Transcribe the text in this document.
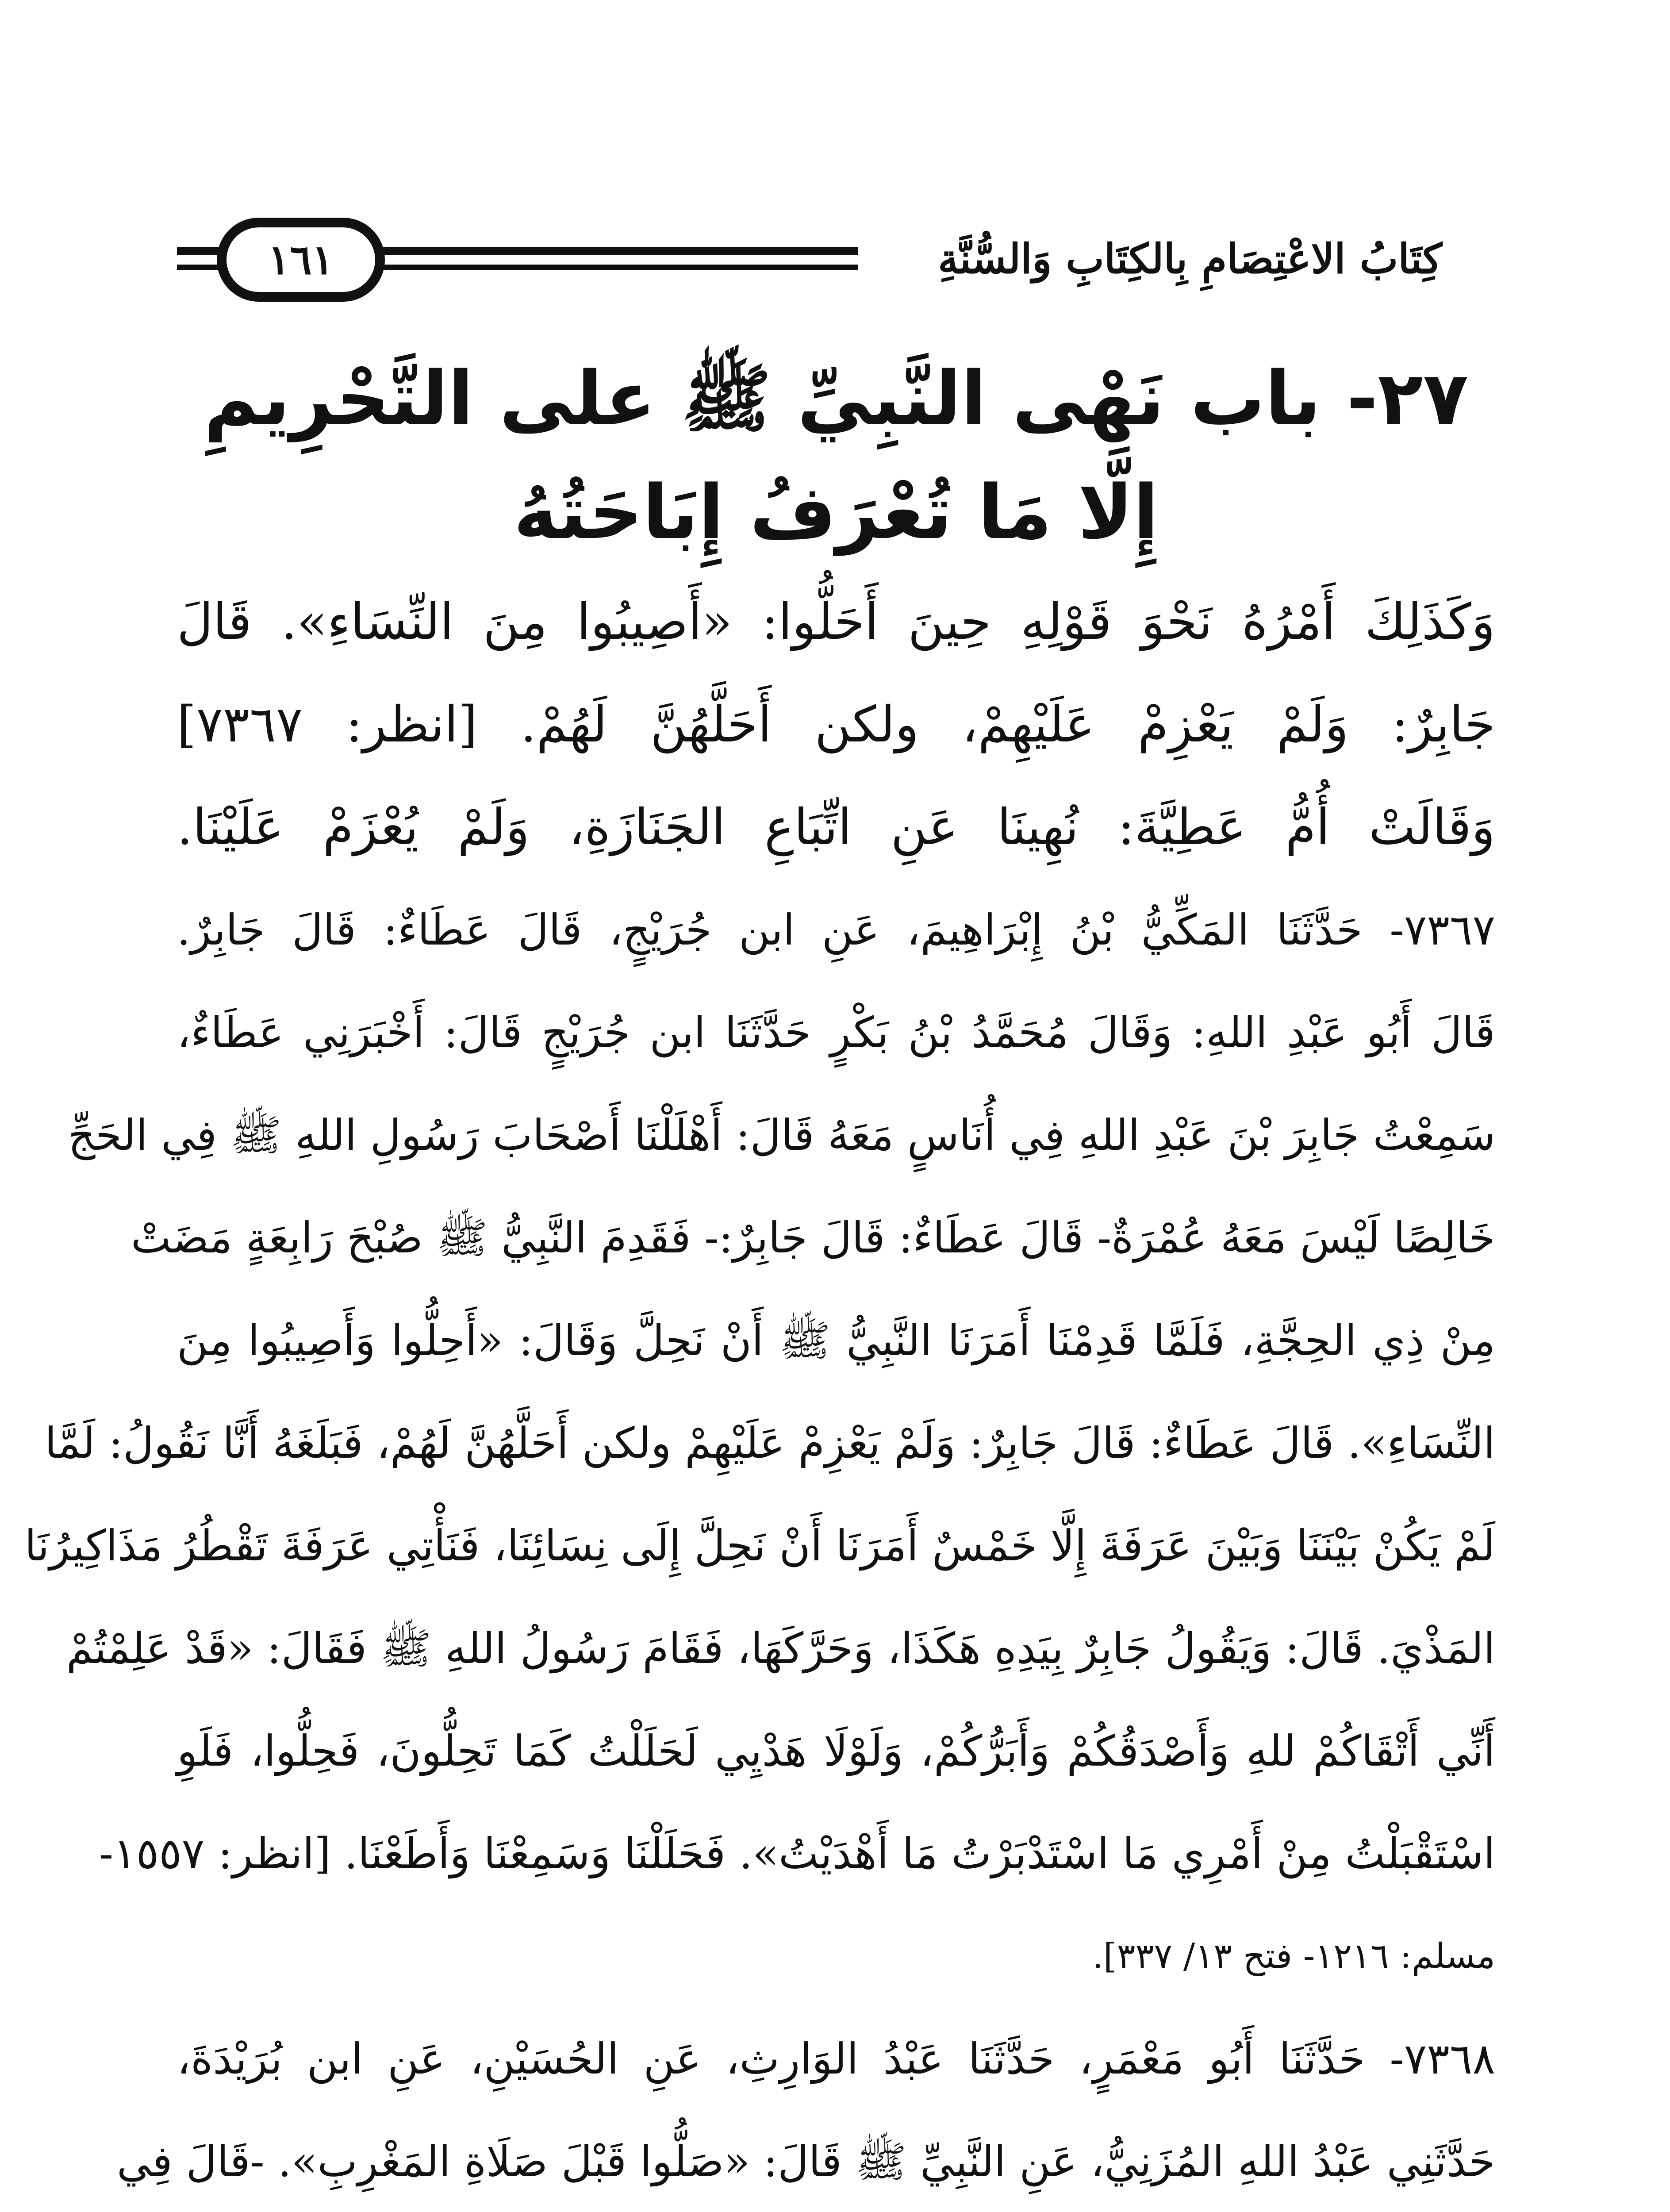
١٦١	كِتَابُ الاعْتِصَامِ بِالكِتَابِ وَالسُّنَّةِ
٢٧- باب نَهْى النَّبِيِّ ﷺ على التَّحْرِيمِ
إِلَّا مَا تُعْرَفُ إِبَاحَتُهُ
وَكَذَلِكَ أَمْرُهُ نَحْوَ قَوْلِهِ حِينَ أَحَلُّوا: «أَصِيبُوا مِنَ النِّسَاءِ». قَالَ
جَابِرٌ: وَلَمْ يَعْزِمْ عَلَيْهِمْ، ولكن أَحَلَّهُنَّ لَهُمْ. [انظر: ٧٣٦٧]
وَقَالَتْ أُمُّ عَطِيَّةَ: نُهِينَا عَنِ اتِّبَاعِ الجَنَازَةِ، وَلَمْ يُعْزَمْ عَلَيْنَا.
٧٣٦٧- حَدَّثَنَا المَكِّيُّ بْنُ إِبْرَاهِيمَ، عَنِ ابن جُرَيْجٍ، قَالَ عَطَاءٌ: قَالَ جَابِرٌ.
قَالَ أَبُو عَبْدِ اللهِ: وَقَالَ مُحَمَّدُ بْنُ بَكْرٍ حَدَّثَنَا ابن جُرَيْجٍ قَالَ: أَخْبَرَنِي عَطَاءٌ،
سَمِعْتُ جَابِرَ بْنَ عَبْدِ اللهِ فِي أُنَاسٍ مَعَهُ قَالَ: أَهْلَلْنَا أَصْحَابَ رَسُولِ اللهِ ﷺ فِي الحَجِّ
خَالِصًا لَيْسَ مَعَهُ عُمْرَةٌ- قَالَ عَطَاءٌ: قَالَ جَابِرٌ:- فَقَدِمَ النَّبِيُّ ﷺ صُبْحَ رَابِعَةٍ مَضَتْ
مِنْ ذِي الحِجَّةِ، فَلَمَّا قَدِمْنَا أَمَرَنَا النَّبِيُّ ﷺ أَنْ نَحِلَّ وَقَالَ: «أَحِلُّوا وَأَصِيبُوا مِنَ
النِّسَاءِ». قَالَ عَطَاءٌ: قَالَ جَابِرٌ: وَلَمْ يَعْزِمْ عَلَيْهِمْ ولكن أَحَلَّهُنَّ لَهُمْ، فَبَلَغَهُ أَنَّا نَقُولُ: لَمَّا
لَمْ يَكُنْ بَيْنَنَا وَبَيْنَ عَرَفَةَ إِلَّا خَمْسٌ أَمَرَنَا أَنْ نَحِلَّ إِلَى نِسَائِنَا، فَنَأْتِي عَرَفَةَ تَقْطُرُ مَذَاكِيرُنَا
المَذْيَ. قَالَ: وَيَقُولُ جَابِرٌ بِيَدِهِ هَكَذَا، وَحَرَّكَهَا، فَقَامَ رَسُولُ اللهِ ﷺ فَقَالَ: «قَدْ عَلِمْتُمْ
أَنِّي أَتْقَاكُمْ للهِ وَأَصْدَقُكُمْ وَأَبَرُّكُمْ، وَلَوْلَا هَدْيِي لَحَلَلْتُ كَمَا تَحِلُّونَ، فَحِلُّوا، فَلَوِ
اسْتَقْبَلْتُ مِنْ أَمْرِي مَا اسْتَدْبَرْتُ مَا أَهْدَيْتُ». فَحَلَلْنَا وَسَمِعْنَا وَأَطَعْنَا. [انظر: ١٥٥٧-
مسلم: ١٢١٦- فتح ١٣/ ٣٣٧].
٧٣٦٨- حَدَّثَنَا أَبُو مَعْمَرٍ، حَدَّثَنَا عَبْدُ الوَارِثِ، عَنِ الحُسَيْنِ، عَنِ ابن بُرَيْدَةَ،
حَدَّثَنِي عَبْدُ اللهِ المُزَنِيُّ، عَنِ النَّبِيِّ ﷺ قَالَ: «صَلُّوا قَبْلَ صَلَاةِ المَغْرِبِ». -قَالَ فِي
